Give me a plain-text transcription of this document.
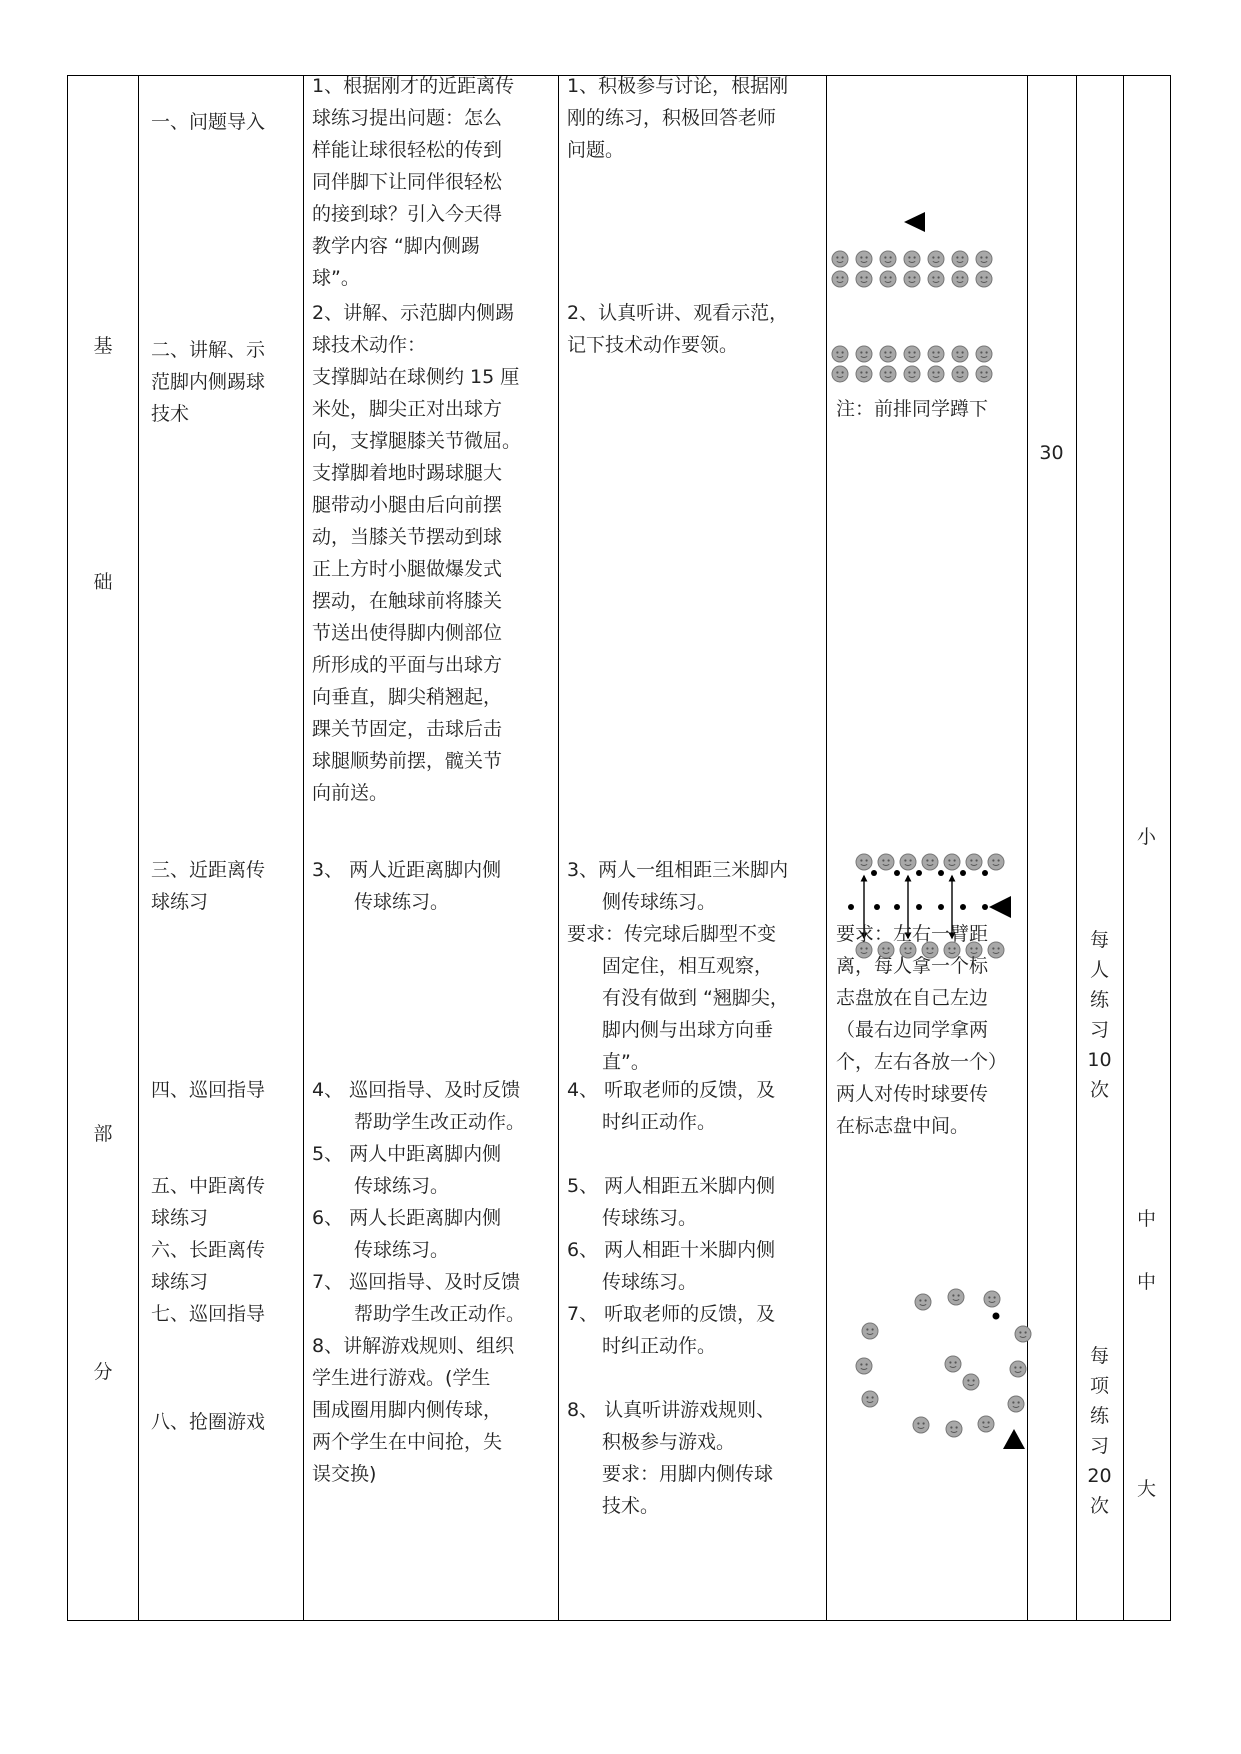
基
础
部
分
一、问题导入
二、讲解、示
范脚内侧踢球
技术
三、近距离传
球练习
四、巡回指导
五、中距离传
球练习
六、长距离传
球练习
七、巡回指导
八、抢圈游戏
1、根据刚才的近距离传
球练习提出问题：怎么
样能让球很轻松的传到
同伴脚下让同伴很轻松
的接到球？引入今天得
教学内容 “脚内侧踢
球”。
2、讲解、示范脚内侧踢
球技术动作：
支撑脚站在球侧约 15 厘
米处，脚尖正对出球方
向，支撑腿膝关节微屈。
支撑脚着地时踢球腿大
腿带动小腿由后向前摆
动，当膝关节摆动到球
正上方时小腿做爆发式
摆动，在触球前将膝关
节送出使得脚内侧部位
所形成的平面与出球方
向垂直，脚尖稍翘起，
踝关节固定，击球后击
球腿顺势前摆，髋关节
向前送。
3、 两人近距离脚内侧
传球练习。
4、 巡回指导、及时反馈
帮助学生改正动作。
5、 两人中距离脚内侧
传球练习。
6、 两人长距离脚内侧
传球练习。
7、 巡回指导、及时反馈
帮助学生改正动作。
8、讲解游戏规则、组织
学生进行游戏。(学生
围成圈用脚内侧传球，
两个学生在中间抢，失
误交换)
1、积极参与讨论，根据刚
刚的练习，积极回答老师
问题。
2、认真听讲、观看示范，
记下技术动作要领。
3、两人一组相距三米脚内
侧传球练习。
要求：传完球后脚型不变
固定住，相互观察，
有没有做到 “翘脚尖，
脚内侧与出球方向垂
直”。
4、 听取老师的反馈，及
时纠正动作。
5、 两人相距五米脚内侧
传球练习。
6、 两人相距十米脚内侧
传球练习。
7、 听取老师的反馈，及
时纠正动作。
8、 认真听讲游戏规则、
积极参与游戏。
要求：用脚内侧传球
技术。
注：前排同学蹲下
要求：左右一臂距
离，每人拿一个标
志盘放在自己左边
（最右边同学拿两
个，左右各放一个）
两人对传时球要传
在标志盘中间。
30
每
人
练
习
10
次
每
项
练
习
20
次
小
中
中
大
